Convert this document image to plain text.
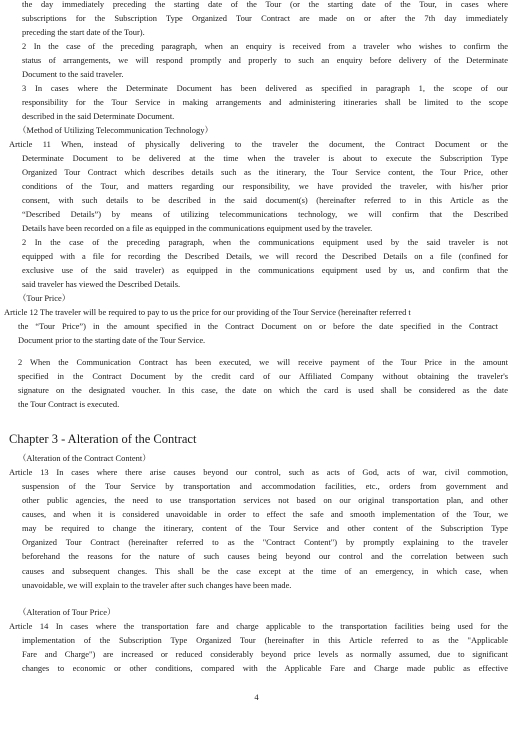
the day immediately preceding the starting date of the Tour (or the starting date of the Tour, in cases where

subscriptions for the Subscription Type Organized Tour Contract are made on or after the 7th day immediately

preceding the start date of the Tour).

2 In the case of the preceding paragraph, when an enquiry is received from a traveler who wishes to confirm the

status of arrangements, we will respond promptly and properly to such an enquiry before delivery of the Determinate

Document to the said traveler.

3 In cases where the Determinate Document has been delivered as specified in paragraph 1, the scope of our

responsibility for the Tour Service in making arrangements and administering itineraries shall be limited to the scope

described in the said Determinate Document.

（Method of Utilizing Telecommunication Technology）

Article 11 When, instead of physically delivering to the traveler the document, the Contract Document or the

Determinate Document to be delivered at the time when the traveler is about to execute the Subscription Type

Organized Tour Contract which describes details such as the itinerary, the Tour Service content, the Tour Price, other

conditions of the Tour, and matters regarding our responsibility, we have provided the traveler, with his/her prior

consent, with such details to be described in the said document(s) (hereinafter referred to in this Article as the

“Described Details”) by means of utilizing telecommunications technology, we will confirm that the Described

Details have been recorded on a file as equipped in the communications equipment used by the traveler.

2 In the case of the preceding paragraph, when the communications equipment used by the said traveler is not

equipped with a file for recording the Described Details, we will record the Described Details on a file (confined for

exclusive use of the said traveler) as equipped in the communications equipment used by us, and confirm that the

said traveler has viewed the Described Details.

（Tour Price）

Article 12 The traveler will be required to pay to us the price for our providing of the Tour Service (hereinafter referred t

the “Tour Price”) in the amount specified in the Contract Document on or before the date specified in the Contract

Document prior to the starting date of the Tour Service.

2 When the Communication Contract has been executed, we will receive payment of the Tour Price in the amount

specified in the Contract Document by the credit card of our Affiliated Company without obtaining the traveler's

signature on the designated voucher. In this case, the date on which the card is used shall be considered as the date

the Tour Contract is executed.

Chapter 3 - Alteration of the Contract

（Alteration of the Contract Content）

Article 13 In cases where there arise causes beyond our control, such as acts of God, acts of war, civil commotion,

suspension of the Tour Service by transportation and accommodation facilities, etc., orders from government and

other public agencies, the need to use transportation services not based on our original transportation plan, and other

causes, and when it is considered unavoidable in order to effect the safe and smooth implementation of the Tour, we

may be required to change the itinerary, content of the Tour Service and other content of the Subscription Type

Organized Tour Contract (hereinafter referred to as the "Contract Content") by promptly explaining to the traveler

beforehand the reasons for the nature of such causes being beyond our control and the correlation between such

causes and subsequent changes. This shall be the case except at the time of an emergency, in which case, when

unavoidable, we will explain to the traveler after such changes have been made.

（Alteration of Tour Price）

Article 14 In cases where the transportation fare and charge applicable to the transportation facilities being used for the

implementation of the Subscription Type Organized Tour (hereinafter in this Article referred to as the "Applicable

Fare and Charge") are increased or reduced considerably beyond price levels as normally assumed, due to significant

changes to economic or other conditions, compared with the Applicable Fare and Charge made public as effective

4
